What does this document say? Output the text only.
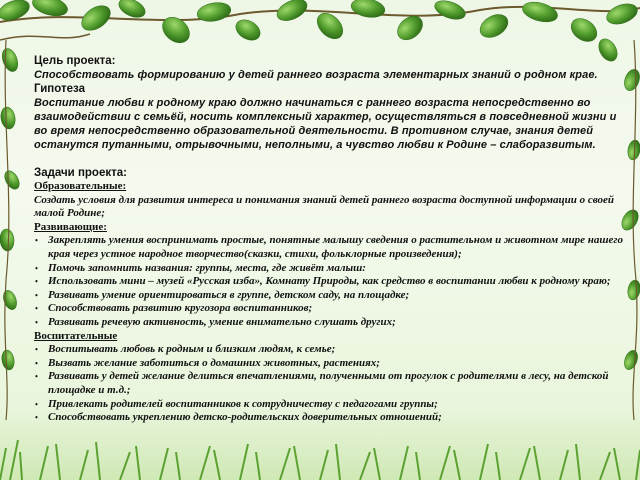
Цель проекта:
Способствовать формированию у детей раннего возраста элементарных знаний о родном крае.
Гипотеза
Воспитание любви к родному краю должно начинаться с раннего возраста непосредственно во взаимодействии с семьёй, носить комплексный характер, осуществляться в повседневной жизни и во время непосредственно образовательной деятельности. В противном случае, знания детей останутся путанными, отрывочными, неполными, а чувство любви к Родине – слаборазвитым.
Задачи проекта:
Образовательные:
Создать условия для развития интереса и понимания знаний детей раннего возраста доступной информации о своей малой Родине;
Развивающие:
• Закреплять умения воспринимать простые, понятные малышу сведения о растительном и животном мире нашего края через устное народное творчество(сказки, стихи, фольклорные произведения);
• Помочь запомнить названия: группы, места, где живёт малыш:
• Использовать мини – музей «Русская изба», Комнату Природы, как средство в воспитании любви к родному краю;
• Развивать умение ориентироваться в группе, детском саду, на площадке;
• Способствовать развитию кругозора воспитанников;
• Развивать речевую активность, умение внимательно слушать других;
Воспитательные
• Воспитывать любовь к родным и близким людям, к семье;
• Вызвать желание заботиться о домашних животных, растениях;
• Развивать у детей желание делиться впечатлениями, полученными от прогулок с родителями в лесу, на детской площадке и т.д.;
• Привлекать родителей воспитанников к сотрудничеству с педагогами группы;
• Способствовать укреплению детско-родительских доверительных отношений;
